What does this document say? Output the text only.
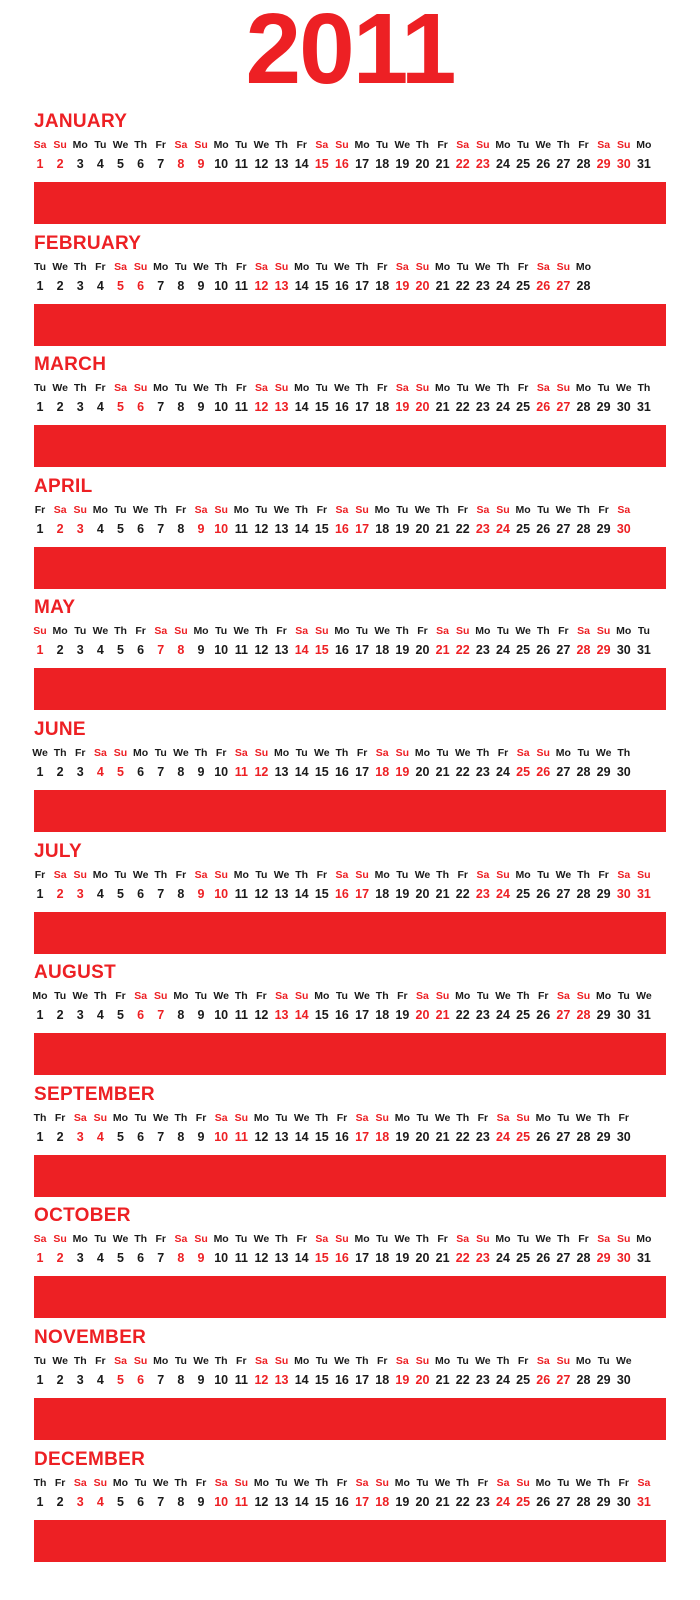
2011
JANUARY
Sa Su Mo Tu We Th Fr Sa Su Mo Tu We Th Fr Sa Su Mo Tu We Th Fr Sa Su Mo Tu We Th Fr Sa Su Mo
1	2	3	4	5	6	7	8	9 10 11 12 13 14 15 16 17 18 19 20 21 22 23 24 25 26 27 28 29 30 31
FEBRUARY
Tu We Th Fr Sa Su Mo Tu We Th Fr Sa Su Mo Tu We Th Fr Sa Su Mo Tu We Th Fr Sa Su Mo
1	2	3	4	5	6	7	8	9 10 11 12 13 14 15 16 17 18 19 20 21 22 23 24 25 26 27 28
MARCH
Tu We Th Fr Sa Su Mo Tu We Th Fr Sa Su Mo Tu We Th Fr Sa Su Mo Tu We Th Fr Sa Su Mo Tu We Th
1	2	3	4	5	6	7	8	9 10 11 12 13 14 15 16 17 18 19 20 21 22 23 24 25 26 27 28 29 30 31
APRIL
Fr Sa Su Mo Tu We Th Fr Sa Su Mo Tu We Th Fr Sa Su Mo Tu We Th Fr Sa Su Mo Tu We Th Fr Sa
1	2	3	4	5	6	7	8	9 10 11 12 13 14 15 16 17 18 19 20 21 22 23 24 25 26 27 28 29 30
MAY
Su Mo Tu We Th Fr Sa Su Mo Tu We Th Fr Sa Su Mo Tu We Th Fr Sa Su Mo Tu We Th Fr Sa Su Mo Tu
1	2	3	4	5	6	7	8	9 10 11 12 13 14 15 16 17 18 19 20 21 22 23 24 25 26 27 28 29 30 31
JUNE
We Th Fr Sa Su Mo Tu We Th Fr Sa Su Mo Tu We Th Fr Sa Su Mo Tu We Th Fr Sa Su Mo Tu We Th
1	2	3	4	5	6	7	8	9 10 11 12 13 14 15 16 17 18 19 20 21 22 23 24 25 26 27 28 29 30
JULY
Fr Sa Su Mo Tu We Th Fr Sa Su Mo Tu We Th Fr Sa Su Mo Tu We Th Fr Sa Su Mo Tu We Th Fr Sa Su
1	2	3	4	5	6	7	8	9 10 11 12 13 14 15 16 17 18 19 20 21 22 23 24 25 26 27 28 29 30 31
AUGUST
Mo Tu We Th Fr Sa Su Mo Tu We Th Fr Sa Su Mo Tu We Th Fr Sa Su Mo Tu We Th Fr Sa Su Mo Tu We
1	2	3	4	5	6	7	8	9 10 11 12 13 14 15 16 17 18 19 20 21 22 23 24 25 26 27 28 29 30 31
SEPTEMBER
Th Fr Sa Su Mo Tu We Th Fr Sa Su Mo Tu We Th Fr Sa Su Mo Tu We Th Fr Sa Su Mo Tu We Th Fr
1	2	3	4	5	6	7	8	9 10 11 12 13 14 15 16 17 18 19 20 21 22 23 24 25 26 27 28 29 30
OCTOBER
Sa Su Mo Tu We Th Fr Sa Su Mo Tu We Th Fr Sa Su Mo Tu We Th Fr Sa Su Mo Tu We Th Fr Sa Su Mo
1	2	3	4	5	6	7	8	9 10 11 12 13 14 15 16 17 18 19 20 21 22 23 24 25 26 27 28 29 30 31
NOVEMBER
Tu We Th Fr Sa Su Mo Tu We Th Fr Sa Su Mo Tu We Th Fr Sa Su Mo Tu We Th Fr Sa Su Mo Tu We
1	2	3	4	5	6	7	8	9 10 11 12 13 14 15 16 17 18 19 20 21 22 23 24 25 26 27 28 29 30
DECEMBER
Th Fr Sa Su Mo Tu We Th Fr Sa Su Mo Tu We Th Fr Sa Su Mo Tu We Th Fr Sa Su Mo Tu We Th Fr Sa
1	2	3	4	5	6	7	8	9 10 11 12 13 14 15 16 17 18 19 20 21 22 23 24 25 26 27 28 29 30 31
